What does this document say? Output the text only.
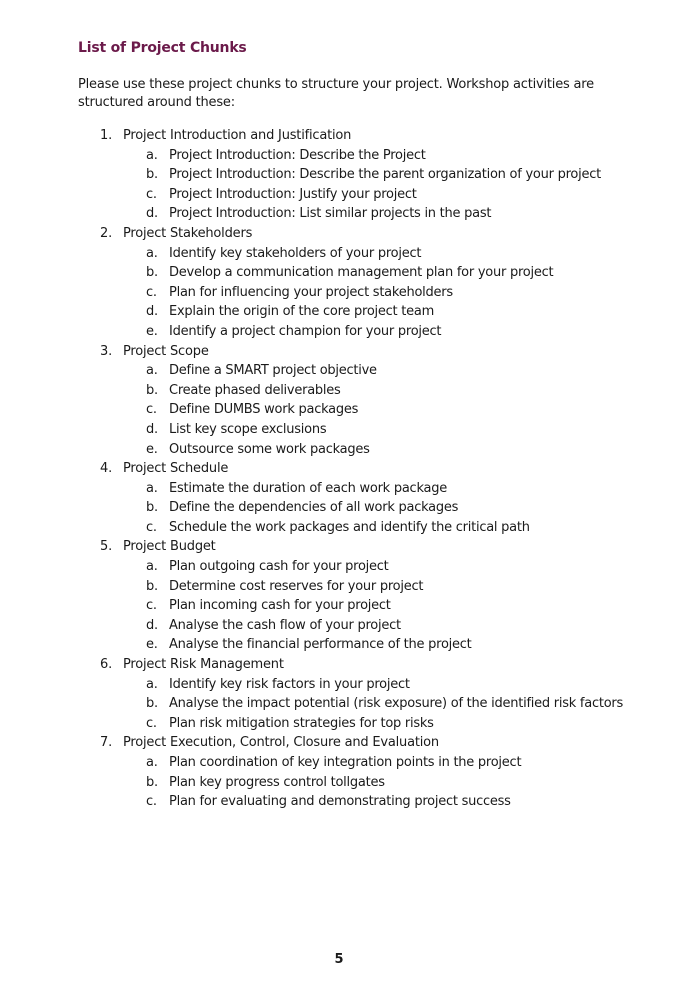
List of Project Chunks
Please use these project chunks to structure your project. Workshop activities are structured around these:
1. Project Introduction and Justification
a. Project Introduction: Describe the Project
b. Project Introduction: Describe the parent organization of your project
c. Project Introduction: Justify your project
d. Project Introduction: List similar projects in the past
2. Project Stakeholders
a. Identify key stakeholders of your project
b. Develop a communication management plan for your project
c. Plan for influencing your project stakeholders
d. Explain the origin of the core project team
e. Identify a project champion for your project
3. Project Scope
a. Define a SMART project objective
b. Create phased deliverables
c. Define DUMBS work packages
d. List key scope exclusions
e. Outsource some work packages
4. Project Schedule
a. Estimate the duration of each work package
b. Define the dependencies of all work packages
c. Schedule the work packages and identify the critical path
5. Project Budget
a. Plan outgoing cash for your project
b. Determine cost reserves for your project
c. Plan incoming cash for your project
d. Analyse the cash flow of your project
e. Analyse the financial performance of the project
6. Project Risk Management
a. Identify key risk factors in your project
b. Analyse the impact potential (risk exposure) of the identified risk factors
c. Plan risk mitigation strategies for top risks
7. Project Execution, Control, Closure and Evaluation
a. Plan coordination of key integration points in the project
b. Plan key progress control tollgates
c. Plan for evaluating and demonstrating project success
5
